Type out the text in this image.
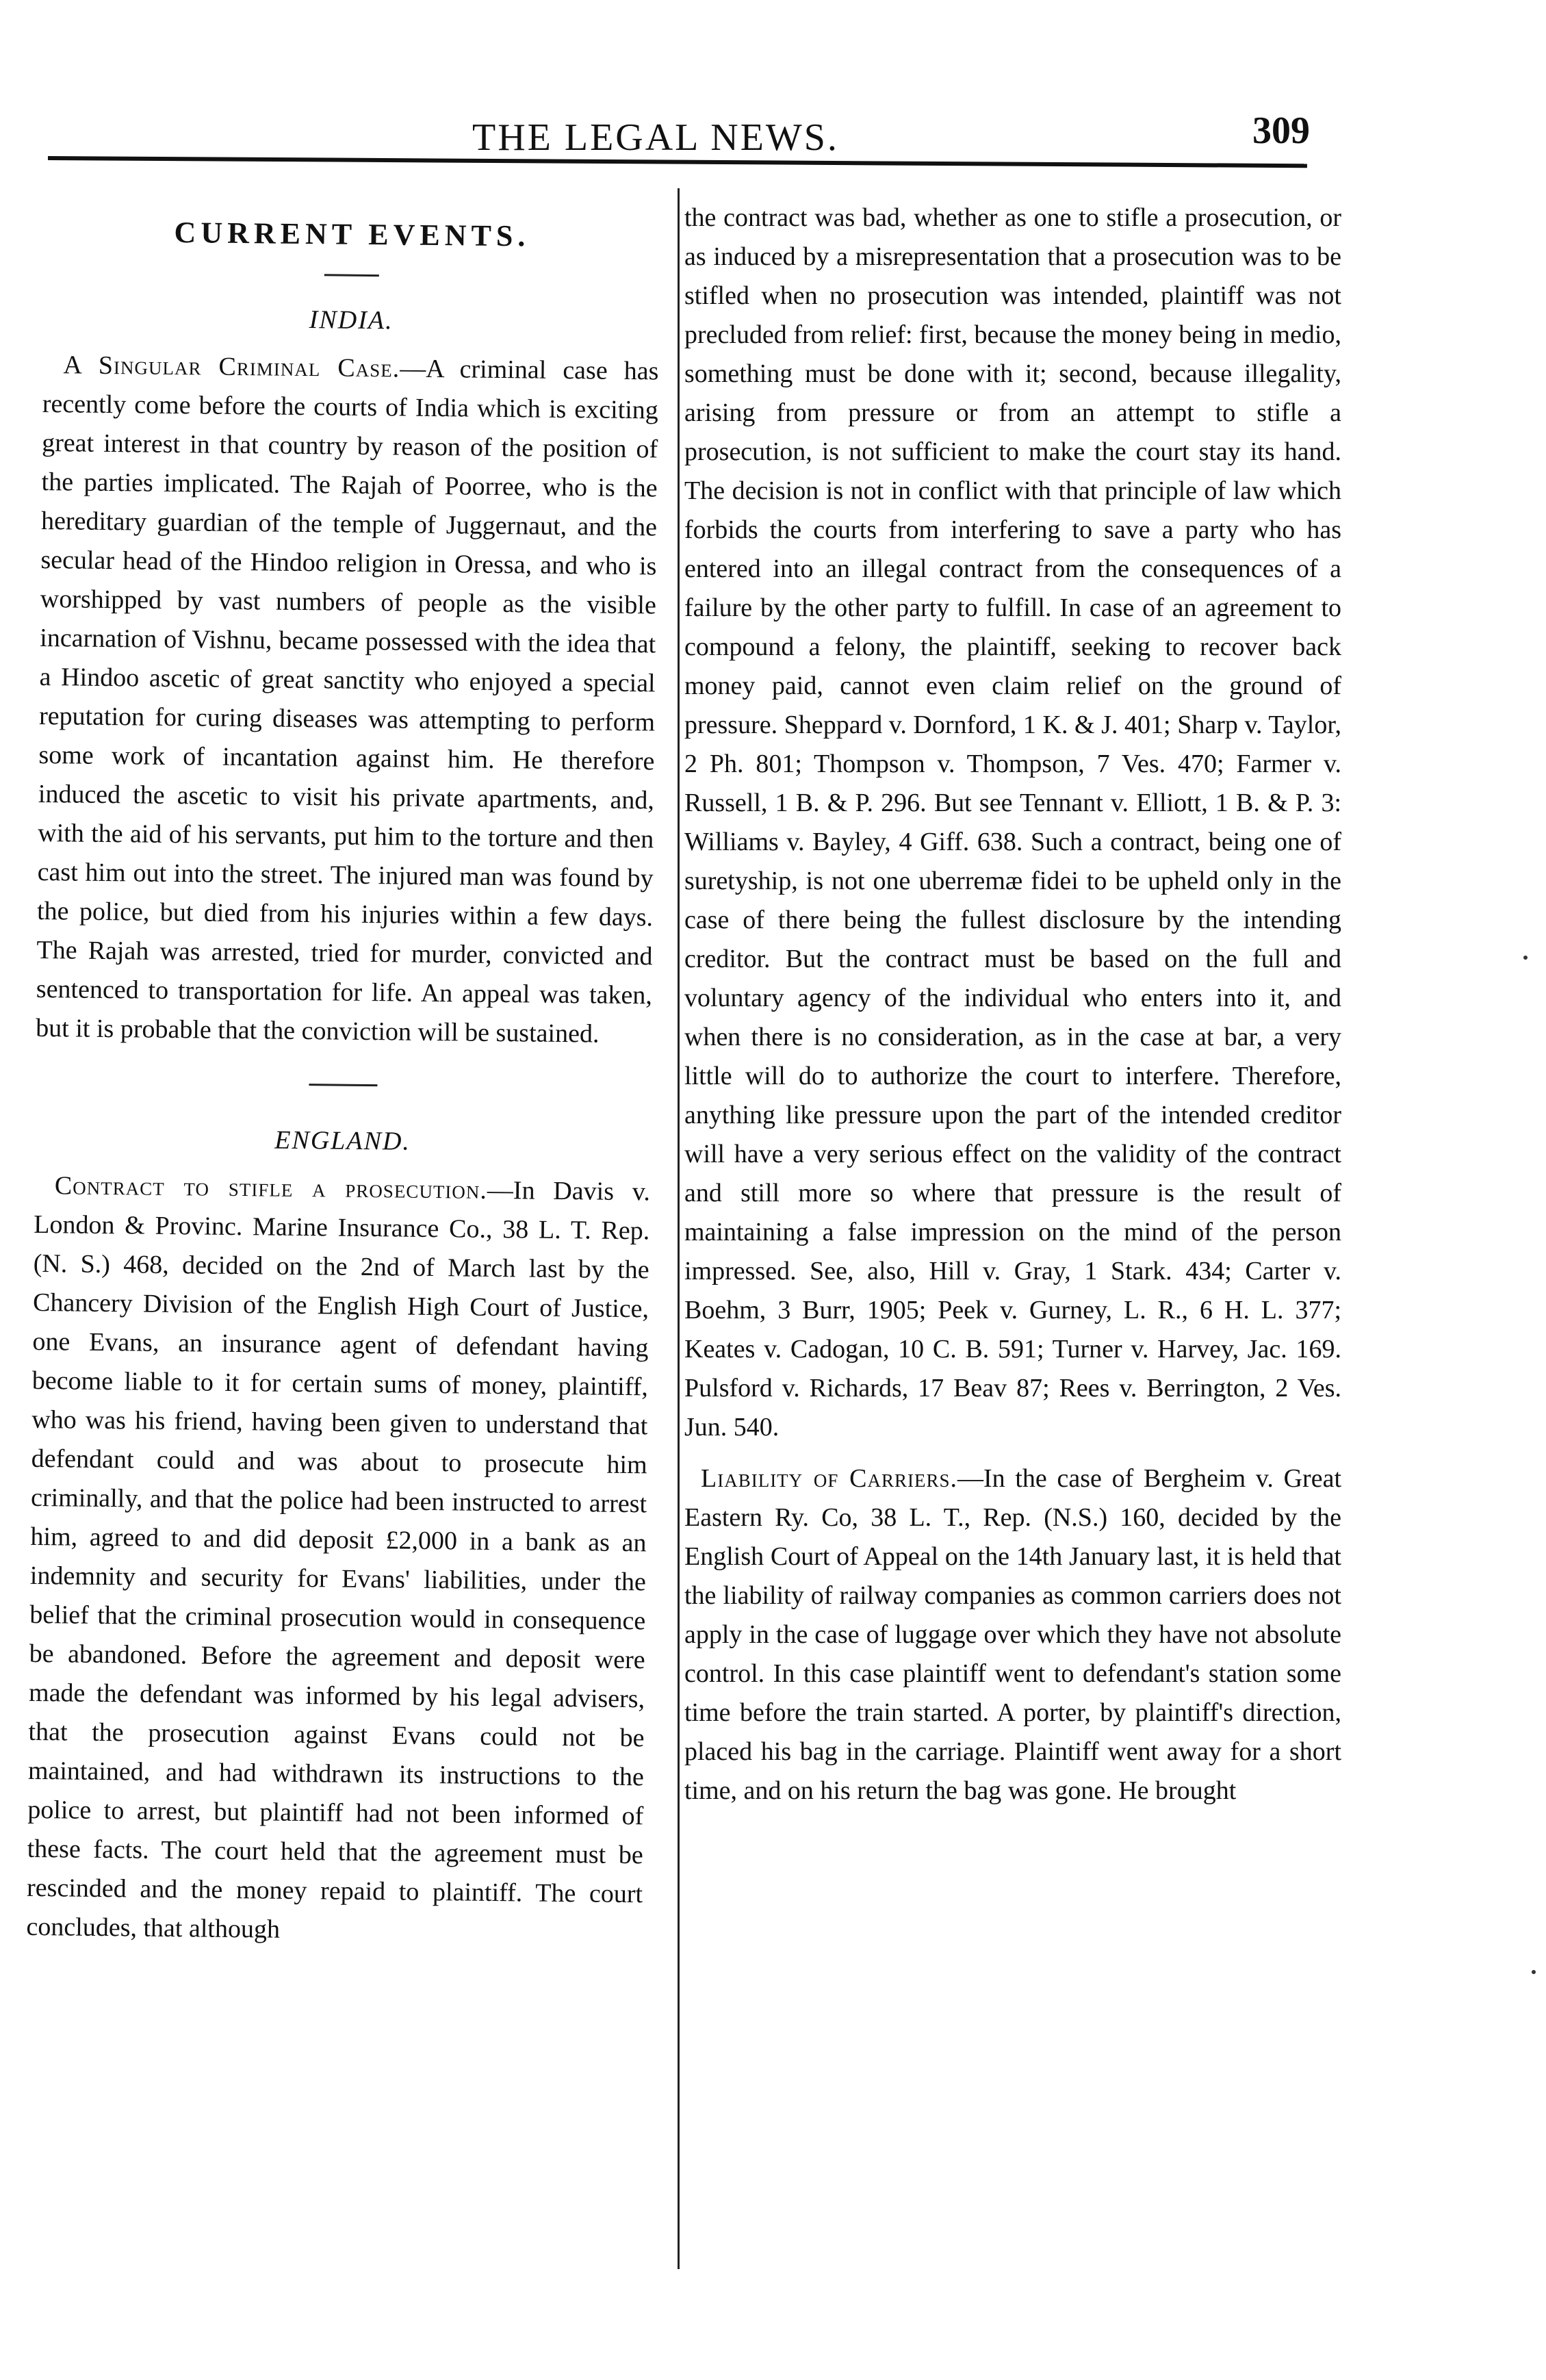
THE LEGAL NEWS.	309
CURRENT EVENTS.
INDIA.

A Singular Criminal Case.—A criminal case has recently come before the courts of India which is exciting great interest in that country by reason of the position of the parties implicated. The Rajah of Poorree, who is the hereditary guardian of the temple of Juggernaut, and the secular head of the Hindoo religion in Oressa, and who is worshipped by vast numbers of people as the visible incarnation of Vishnu, became possessed with the idea that a Hindoo ascetic of great sanctity who enjoyed a special reputation for curing diseases was attempting to perform some work of incantation against him. He therefore induced the ascetic to visit his private apartments, and, with the aid of his servants, put him to the torture and then cast him out into the street. The injured man was found by the police, but died from his injuries within a few days. The Rajah was arrested, tried for murder, convicted and sentenced to transportation for life. An appeal was taken, but it is probable that the conviction will be sustained.

ENGLAND.

Contract to stifle a prosecution.—In Davis v. London & Provinc. Marine Insurance Co., 38 L. T. Rep. (N. S.) 468, decided on the 2nd of March last by the Chancery Division of the English High Court of Justice, one Evans, an insurance agent of defendant having become liable to it for certain sums of money, plaintiff, who was his friend, having been given to understand that defendant could and was about to prosecute him criminally, and that the police had been instructed to arrest him, agreed to and did deposit £2,000 in a bank as an indemnity and security for Evans' liabilities, under the belief that the criminal prosecution would in consequence be abandoned. Before the agreement and deposit were made the defendant was informed by his legal advisers, that the prosecution against Evans could not be maintained, and had withdrawn its instructions to the police to arrest, but plaintiff had not been informed of these facts. The court held that the agreement must be rescinded and the money repaid to plaintiff. The court concludes, that although

the contract was bad, whether as one to stifle a prosecution, or as induced by a misrepresentation that a prosecution was to be stifled when no prosecution was intended, plaintiff was not precluded from relief: first, because the money being in medio, something must be done with it; second, because illegality, arising from pressure or from an attempt to stifle a prosecution, is not sufficient to make the court stay its hand. The decision is not in conflict with that principle of law which forbids the courts from interfering to save a party who has entered into an illegal contract from the consequences of a failure by the other party to fulfill. In case of an agreement to compound a felony, the plaintiff, seeking to recover back money paid, cannot even claim relief on the ground of pressure. Sheppard v. Dornford, 1 K. & J. 401; Sharp v. Taylor, 2 Ph. 801; Thompson v. Thompson, 7 Ves. 470; Farmer v. Russell, 1 B. & P. 296. But see Tennant v. Elliott, 1 B. & P. 3: Williams v. Bayley, 4 Giff. 638. Such a contract, being one of suretyship, is not one uberremæ fidei to be upheld only in the case of there being the fullest disclosure by the intending creditor. But the contract must be based on the full and voluntary agency of the individual who enters into it, and when there is no consideration, as in the case at bar, a very little will do to authorize the court to interfere. Therefore, anything like pressure upon the part of the intended creditor will have a very serious effect on the validity of the contract and still more so where that pressure is the result of maintaining a false impression on the mind of the person impressed. See, also, Hill v. Gray, 1 Stark. 434; Carter v. Boehm, 3 Burr, 1905; Peek v. Gurney, L. R., 6 H. L. 377; Keates v. Cadogan, 10 C. B. 591; Turner v. Harvey, Jac. 169. Pulsford v. Richards, 17 Beav 87; Rees v. Berrington, 2 Ves. Jun. 540.

Liability of Carriers.—In the case of Bergheim v. Great Eastern Ry. Co, 38 L. T., Rep. (N.S.) 160, decided by the English Court of Appeal on the 14th January last, it is held that the liability of railway companies as common carriers does not apply in the case of luggage over which they have not absolute control. In this case plaintiff went to defendant's station some time before the train started. A porter, by plaintiff's direction, placed his bag in the carriage. Plaintiff went away for a short time, and on his return the bag was gone. He brought
